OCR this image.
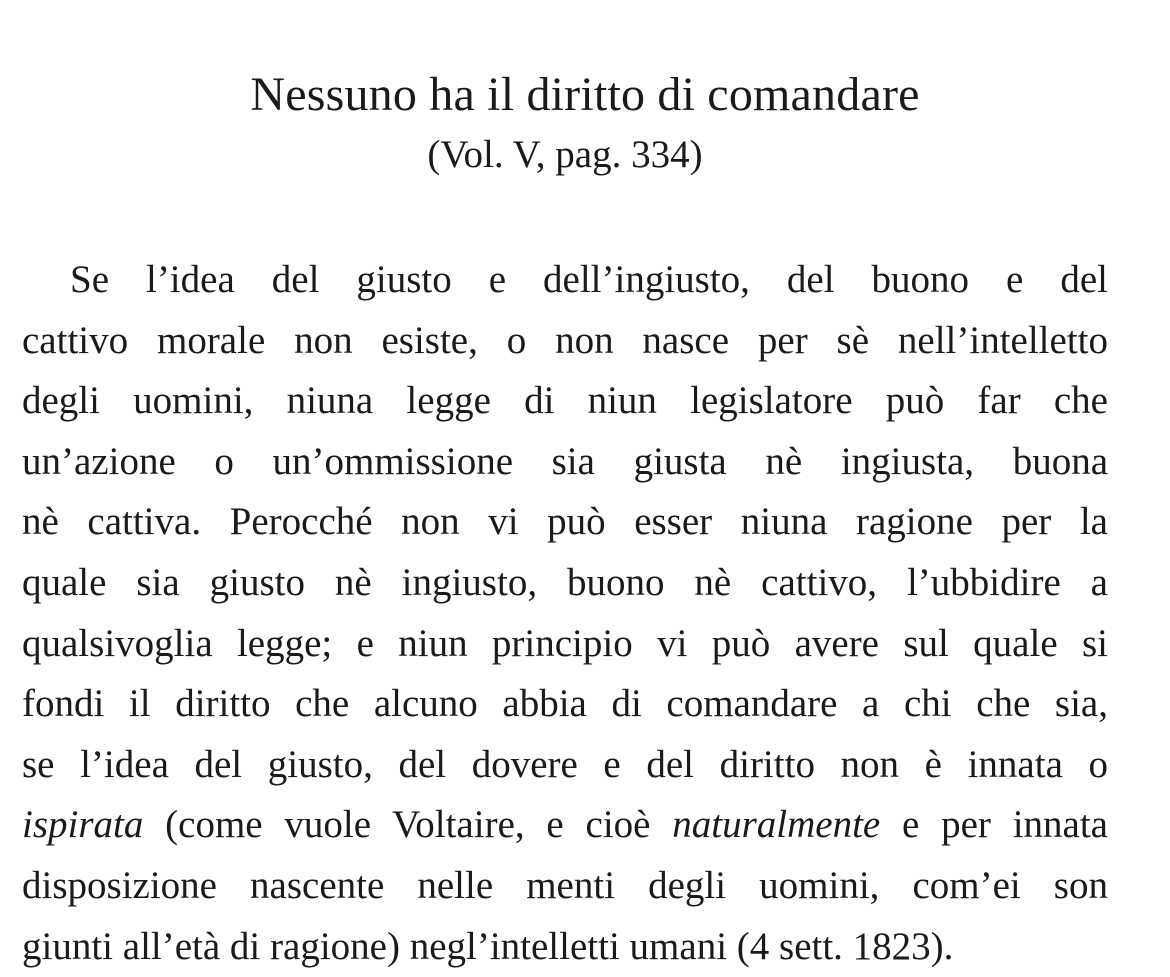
Nessuno ha il diritto di comandare
(Vol. V, pag. 334)
Se l’idea del giusto e dell’ingiusto, del buono e del
cattivo morale non esiste, o non nasce per sè nell’intelletto
degli uomini, niuna legge di niun legislatore può far che
un’azione o un’ommissione sia giusta nè ingiusta, buona
nè cattiva. Perocché non vi può esser niuna ragione per la
quale sia giusto nè ingiusto, buono nè cattivo, l’ubbidire a
qualsivoglia legge; e niun principio vi può avere sul quale si
fondi il diritto che alcuno abbia di comandare a chi che sia,
se l’idea del giusto, del dovere e del diritto non è innata o
ispirata (come vuole Voltaire, e cioè naturalmente e per innata
disposizione nascente nelle menti degli uomini, com’ei son
giunti all’età di ragione) negl’intelletti umani (4 sett. 1823).
